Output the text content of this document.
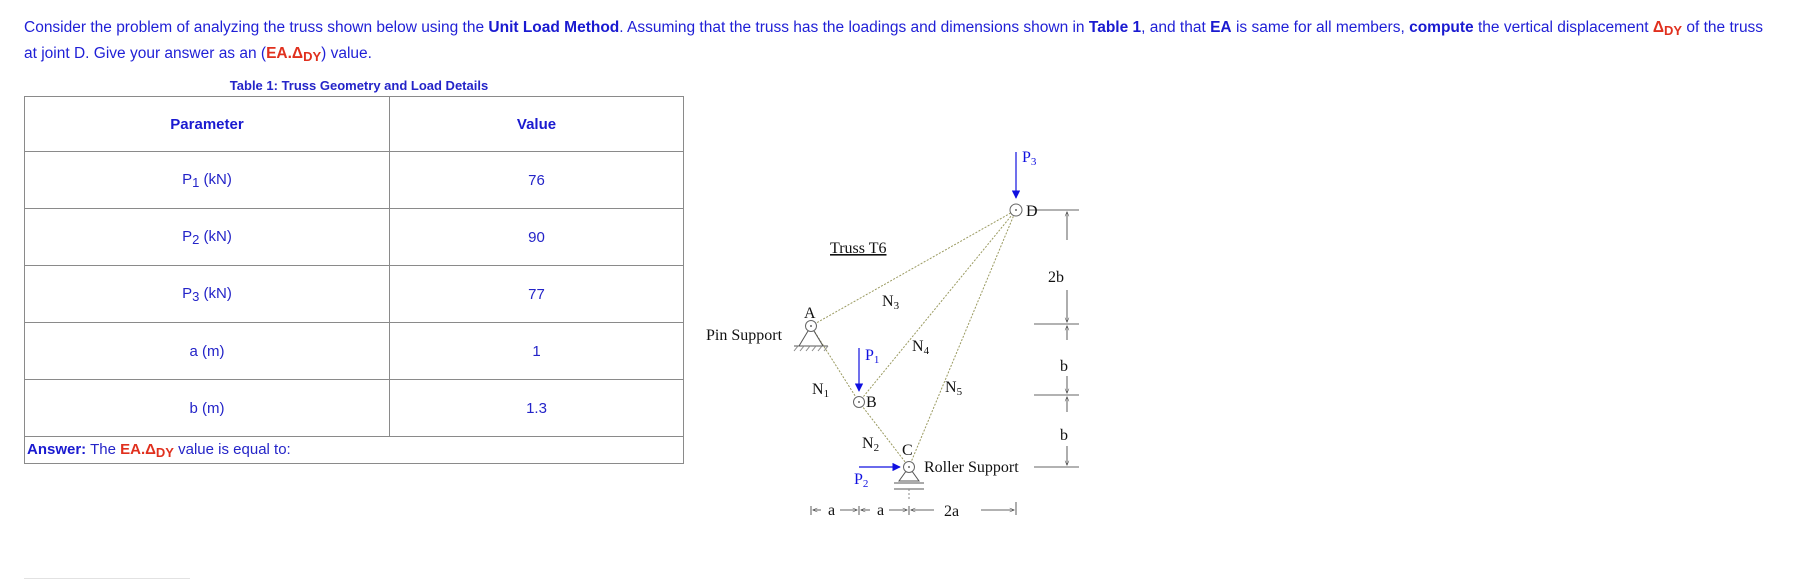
Consider the problem of analyzing the truss shown below using the Unit Load Method. Assuming that the truss has the loadings and dimensions shown in Table 1, and that EA is same for all members, compute the vertical displacement $\Delta_{DY}$ of the truss at joint D. Give your answer as an $(EA.\Delta_{DY})$ value.
Table 1: Truss Geometry and Load Details
Parameter	Value
$P_1$ (kN)	76
$P_2$ (kN)	90
$P_3$ (kN)	77
a (m)	1
b (m)	1.3
Answer: The $EA.\Delta_{DY}$ value is equal to:	
Truss T6
Pin Support
Roller Support
A
B
C
D
N1
N2
N3
N4
N5
2b
b
b
a	a	2a
P3
P1
P2
